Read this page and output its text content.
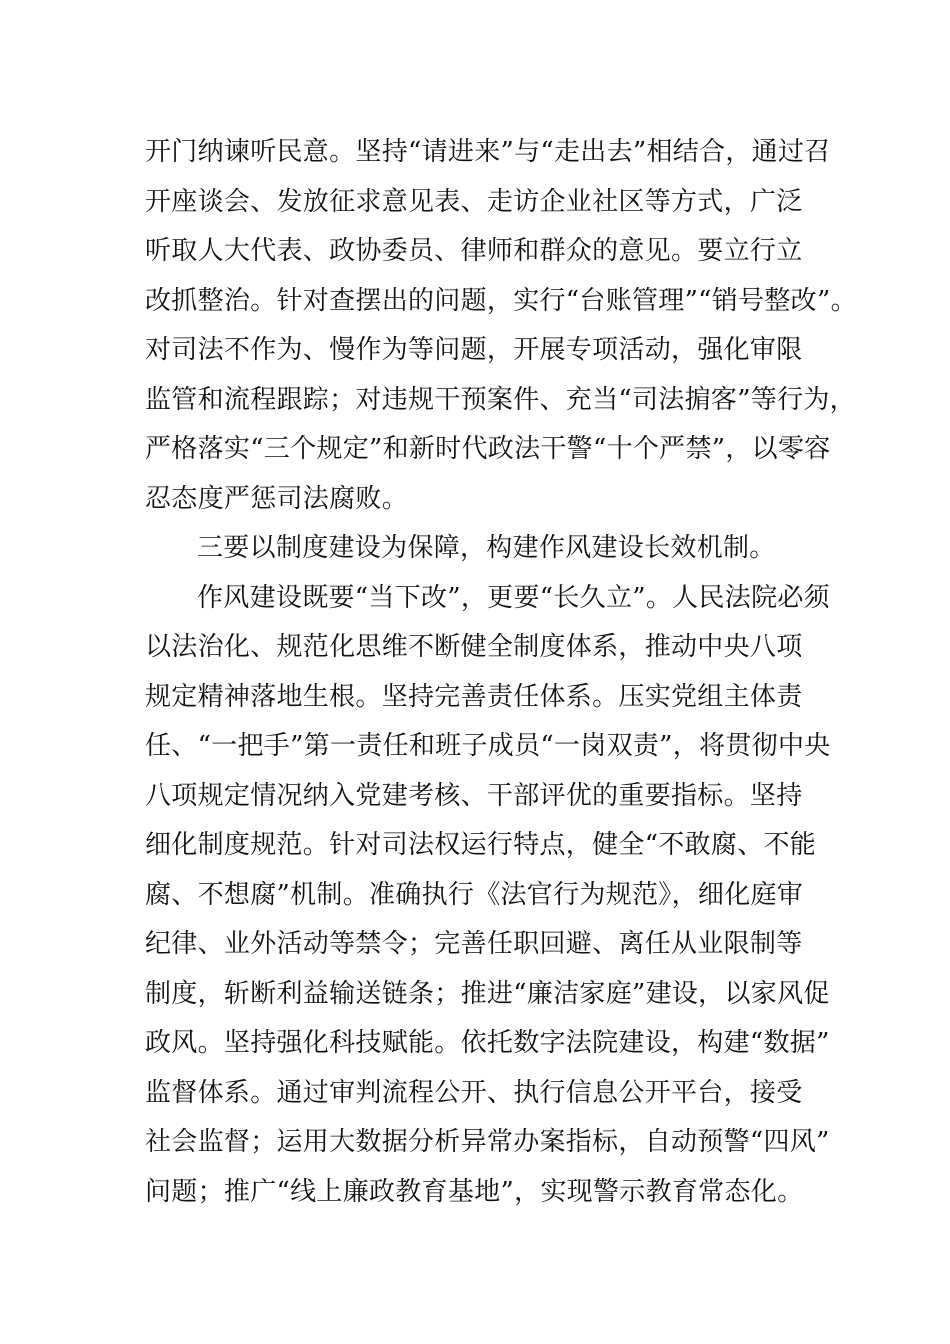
开门纳谏听民意。坚持“请进来”与“走出去”相结合，通过召
开座谈会、发放征求意见表、走访企业社区等方式，广泛
听取人大代表、政协委员、律师和群众的意见。要立行立
改抓整治。针对查摆出的问题，实行“台账管理”“销号整改”。
对司法不作为、慢作为等问题，开展专项活动，强化审限
监管和流程跟踪；对违规干预案件、充当“司法掮客”等行为，
严格落实“三个规定”和新时代政法干警“十个严禁”，以零容
忍态度严惩司法腐败。
三要以制度建设为保障，构建作风建设长效机制。
作风建设既要“当下改”，更要“长久立”。人民法院必须
以法治化、规范化思维不断健全制度体系，推动中央八项
规定精神落地生根。坚持完善责任体系。压实党组主体责
任、“一把手”第一责任和班子成员“一岗双责”，将贯彻中央
八项规定情况纳入党建考核、干部评优的重要指标。坚持
细化制度规范。针对司法权运行特点，健全“不敢腐、不能
腐、不想腐”机制。准确执行《法官行为规范》，细化庭审
纪律、业外活动等禁令；完善任职回避、离任从业限制等
制度，斩断利益输送链条；推进“廉洁家庭”建设，以家风促
政风。坚持强化科技赋能。依托数字法院建设，构建“数据”
监督体系。通过审判流程公开、执行信息公开平台，接受
社会监督；运用大数据分析异常办案指标，自动预警“四风”
问题；推广“线上廉政教育基地”，实现警示教育常态化。
